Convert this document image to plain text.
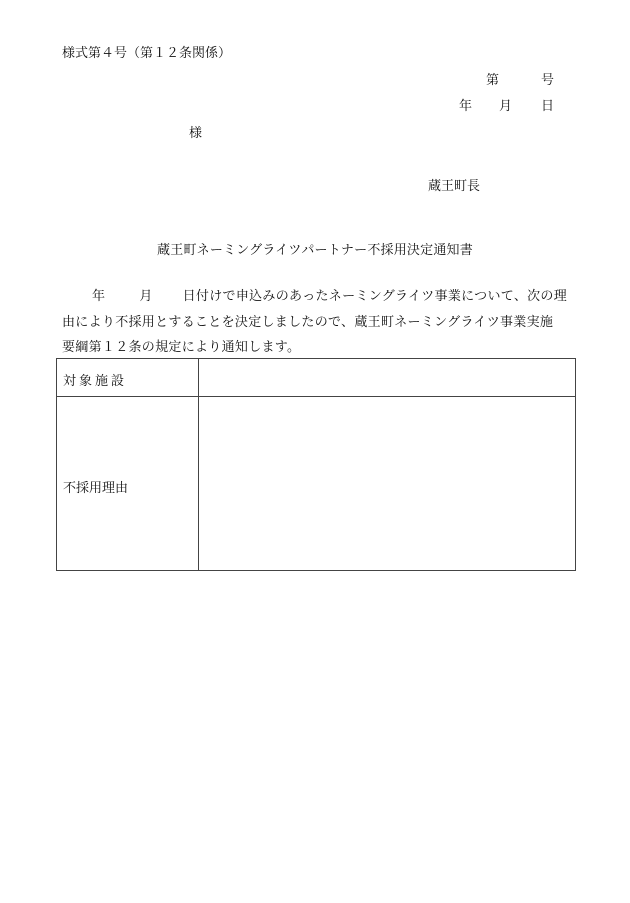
様式第４号（第１２条関係）
第	号
年 月 日
様
蔵王町長
蔵王町ネーミングライツパートナー不採用決定通知書
年	月 日付けで申込みのあったネーミングライツ事業について、次の理
由により不採用とすることを決定しましたので、蔵王町ネーミングライツ事業実施
要綱第１２条の規定により通知します。
対象施設
不採用理由
